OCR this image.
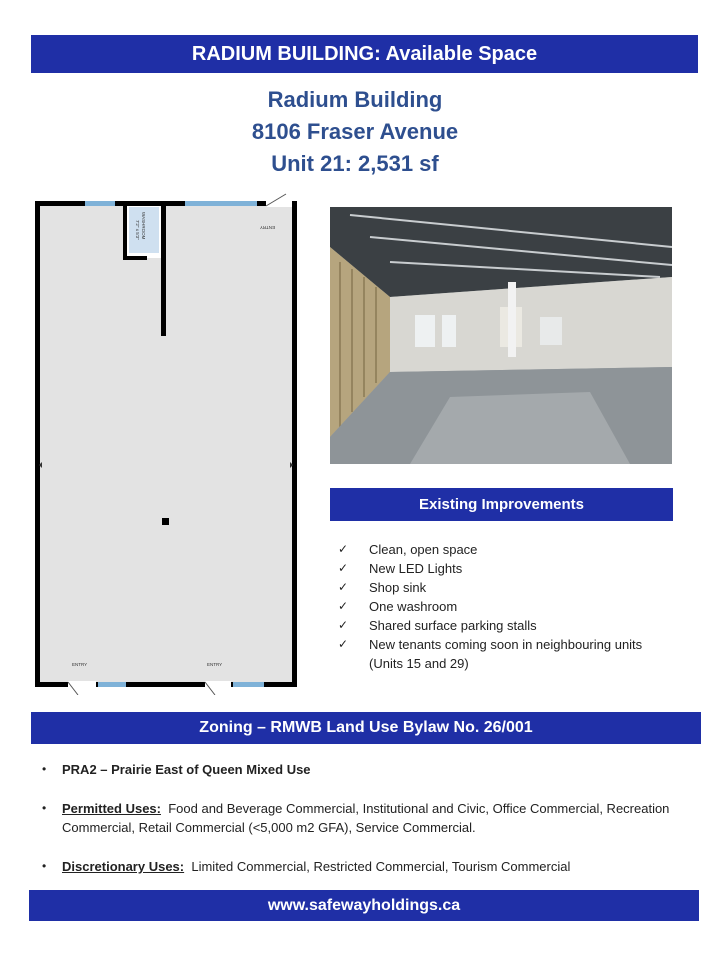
RADIUM BUILDING: Available Space
Radium Building
8106 Fraser Avenue
Unit 21: 2,531 sf
WASHROOM
7'2" x 5'3"	ENTRY
ENTRY	ENTRY
Existing Improvements
✓	Clean, open space
✓	New LED Lights
✓	Shop sink
✓	One washroom
✓	Shared surface parking stalls
✓	New tenants coming soon in neighbouring units (Units 15 and 29)
Zoning – RMWB Land Use Bylaw No. 26/001
•	PRA2 – Prairie East of Queen Mixed Use
•	Permitted Uses: Food and Beverage Commercial, Institutional and Civic, Office Commercial, Recreation Commercial, Retail Commercial (<5,000 m2 GFA), Service Commercial.
•	Discretionary Uses: Limited Commercial, Restricted Commercial, Tourism Commercial
www.safewayholdings.ca
